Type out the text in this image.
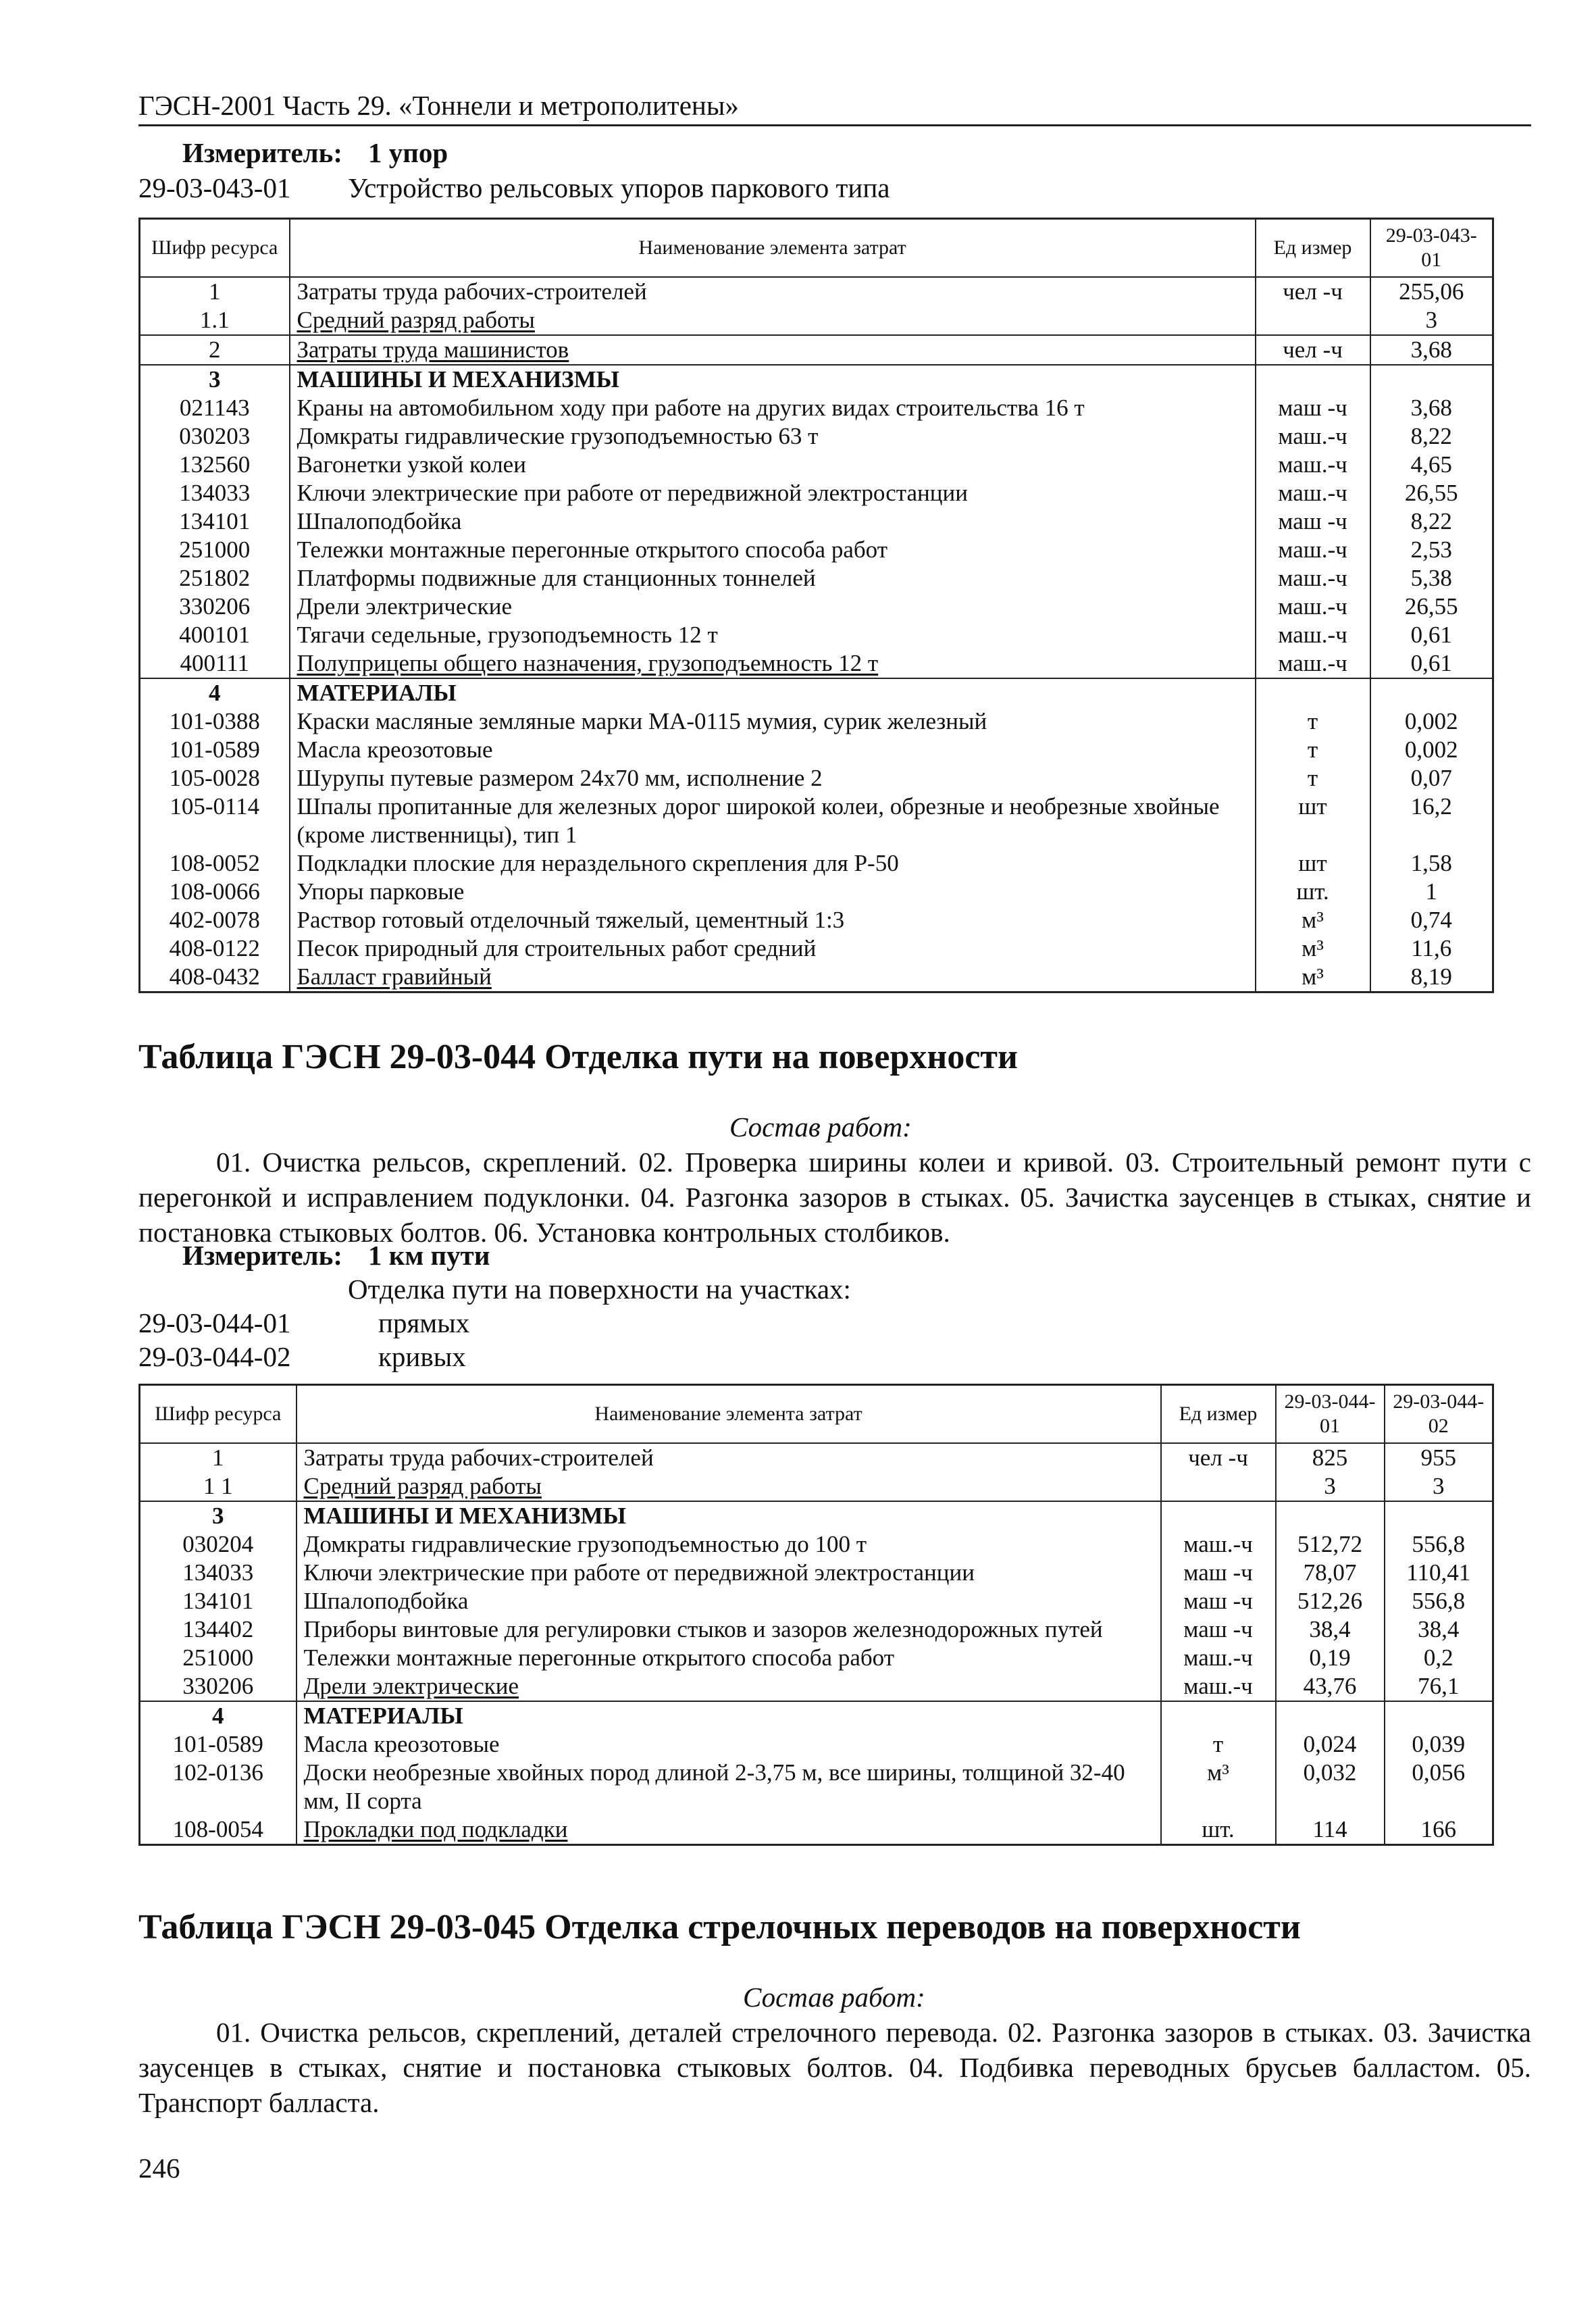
ГЭСН-2001 Часть 29. «Тоннели и метрополитены»
Измеритель: 1 упор
29-03-043-01 Устройство рельсовых упоров паркового типа
Шифр ресурса	Наименование элемента затрат	Ед измер	29-03-043-01
1	Затраты труда рабочих-строителей	чел -ч	255,06
1.1	Средний разряд работы		3
2	Затраты труда машинистов	чел -ч	3,68
3	МАШИНЫ И МЕХАНИЗМЫ		
021143	Краны на автомобильном ходу при работе на других видах строительства 16 т	маш -ч	3,68
030203	Домкраты гидравлические грузоподъемностью 63 т	маш.-ч	8,22
132560	Вагонетки узкой колеи	маш.-ч	4,65
134033	Ключи электрические при работе от передвижной электростанции	маш.-ч	26,55
134101	Шпалоподбойка	маш -ч	8,22
251000	Тележки монтажные перегонные открытого способа работ	маш.-ч	2,53
251802	Платформы подвижные для станционных тоннелей	маш.-ч	5,38
330206	Дрели электрические	маш.-ч	26,55
400101	Тягачи седельные, грузоподъемность 12 т	маш.-ч	0,61
400111	Полуприцепы общего назначения, грузоподъемность 12 т	маш.-ч	0,61
4	МАТЕРИАЛЫ		
101-0388	Краски масляные земляные марки МА-0115 мумия, сурик железный	т	0,002
101-0589	Масла креозотовые	т	0,002
105-0028	Шурупы путевые размером 24х70 мм, исполнение 2	т	0,07
105-0114	Шпалы пропитанные для железных дорог широкой колеи, обрезные и необрезные хвойные (кроме лиственницы), тип 1	шт	16,2
108-0052	Подкладки плоские для нераздельного скрепления для Р-50	шт	1,58
108-0066	Упоры парковые	шт.	1
402-0078	Раствор готовый отделочный тяжелый, цементный 1:3	м³	0,74
408-0122	Песок природный для строительных работ средний	м³	11,6
408-0432	Балласт гравийный	м³	8,19
Таблица ГЭСН 29-03-044 Отделка пути на поверхности
Состав работ:
01. Очистка рельсов, скреплений. 02. Проверка ширины колеи и кривой. 03. Строительный ремонт пути с перегонкой и исправлением подуклонки. 04. Разгонка зазоров в стыках. 05. Зачистка заусенцев в стыках, снятие и постановка стыковых болтов. 06. Установка контрольных столбиков.
Измеритель: 1 км пути
Отделка пути на поверхности на участках:
29-03-044-01	прямых
29-03-044-02	кривых
Шифр ресурса	Наименование элемента затрат	Ед измер	29-03-044-01	29-03-044-02
1	Затраты труда рабочих-строителей	чел -ч	825	955
1 1	Средний разряд работы		3	3
3	МАШИНЫ И МЕХАНИЗМЫ			
030204	Домкраты гидравлические грузоподъемностью до 100 т	маш.-ч	512,72	556,8
134033	Ключи электрические при работе от передвижной электростанции	маш -ч	78,07	110,41
134101	Шпалоподбойка	маш -ч	512,26	556,8
134402	Приборы винтовые для регулировки стыков и зазоров железнодорожных путей	маш -ч	38,4	38,4
251000	Тележки монтажные перегонные открытого способа работ	маш.-ч	0,19	0,2
330206	Дрели электрические	маш.-ч	43,76	76,1
4	МАТЕРИАЛЫ			
101-0589	Масла креозотовые	т	0,024	0,039
102-0136	Доски необрезные хвойных пород длиной 2-3,75 м, все ширины, толщиной 32-40 мм, II сорта	м³	0,032	0,056
108-0054	Прокладки под подкладки	шт.	114	166
Таблица ГЭСН 29-03-045 Отделка стрелочных переводов на поверхности
Состав работ:
01. Очистка рельсов, скреплений, деталей стрелочного перевода. 02. Разгонка зазоров в стыках. 03. Зачистка заусенцев в стыках, снятие и постановка стыковых болтов. 04. Подбивка переводных брусьев балластом. 05. Транспорт балласта.
246
